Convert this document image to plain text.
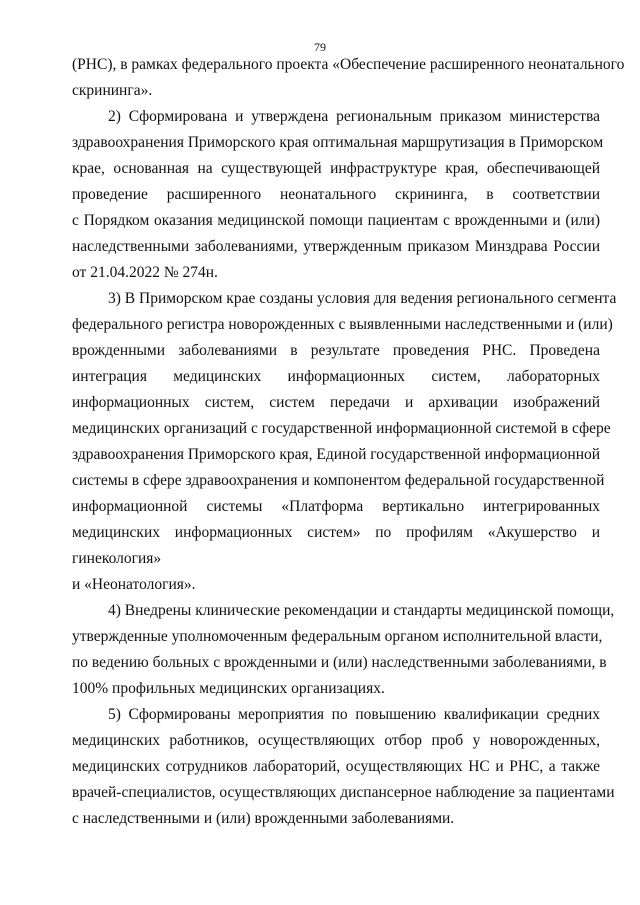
79
(РНС), в рамках федерального проекта «Обеспечение расширенного неонатального
скрининга».
2) Сформирована и утверждена региональным приказом министерства
здравоохранения Приморского края оптимальная маршрутизация в Приморском
крае, основанная на существующей инфраструктуре края, обеспечивающей
проведение расширенного неонатального скрининга, в соответствии
с Порядком оказания медицинской помощи пациентам с врожденными и (или)
наследственными заболеваниями, утвержденным приказом Минздрава России
от 21.04.2022 № 274н.
3) В Приморском крае созданы условия для ведения регионального сегмента
федерального регистра новорожденных с выявленными наследственными и (или)
врожденными заболеваниями в результате проведения РНС. Проведена
интеграция медицинских информационных систем, лабораторных
информационных систем, систем передачи и архивации изображений
медицинских организаций с государственной информационной системой в сфере
здравоохранения Приморского края, Единой государственной информационной
системы в сфере здравоохранения и компонентом федеральной государственной
информационной системы «Платформа вертикально интегрированных
медицинских информационных систем» по профилям «Акушерство и
гинекология»
и «Неонатология».
4) Внедрены клинические рекомендации и стандарты медицинской помощи,
утвержденные уполномоченным федеральным органом исполнительной власти,
по ведению больных с врожденными и (или) наследственными заболеваниями, в
100% профильных медицинских организациях.
5) Сформированы мероприятия по повышению квалификации средних
медицинских работников, осуществляющих отбор проб у новорожденных,
медицинских сотрудников лабораторий, осуществляющих НС и РНС, а также
врачей-специалистов, осуществляющих диспансерное наблюдение за пациентами
с наследственными и (или) врожденными заболеваниями.
